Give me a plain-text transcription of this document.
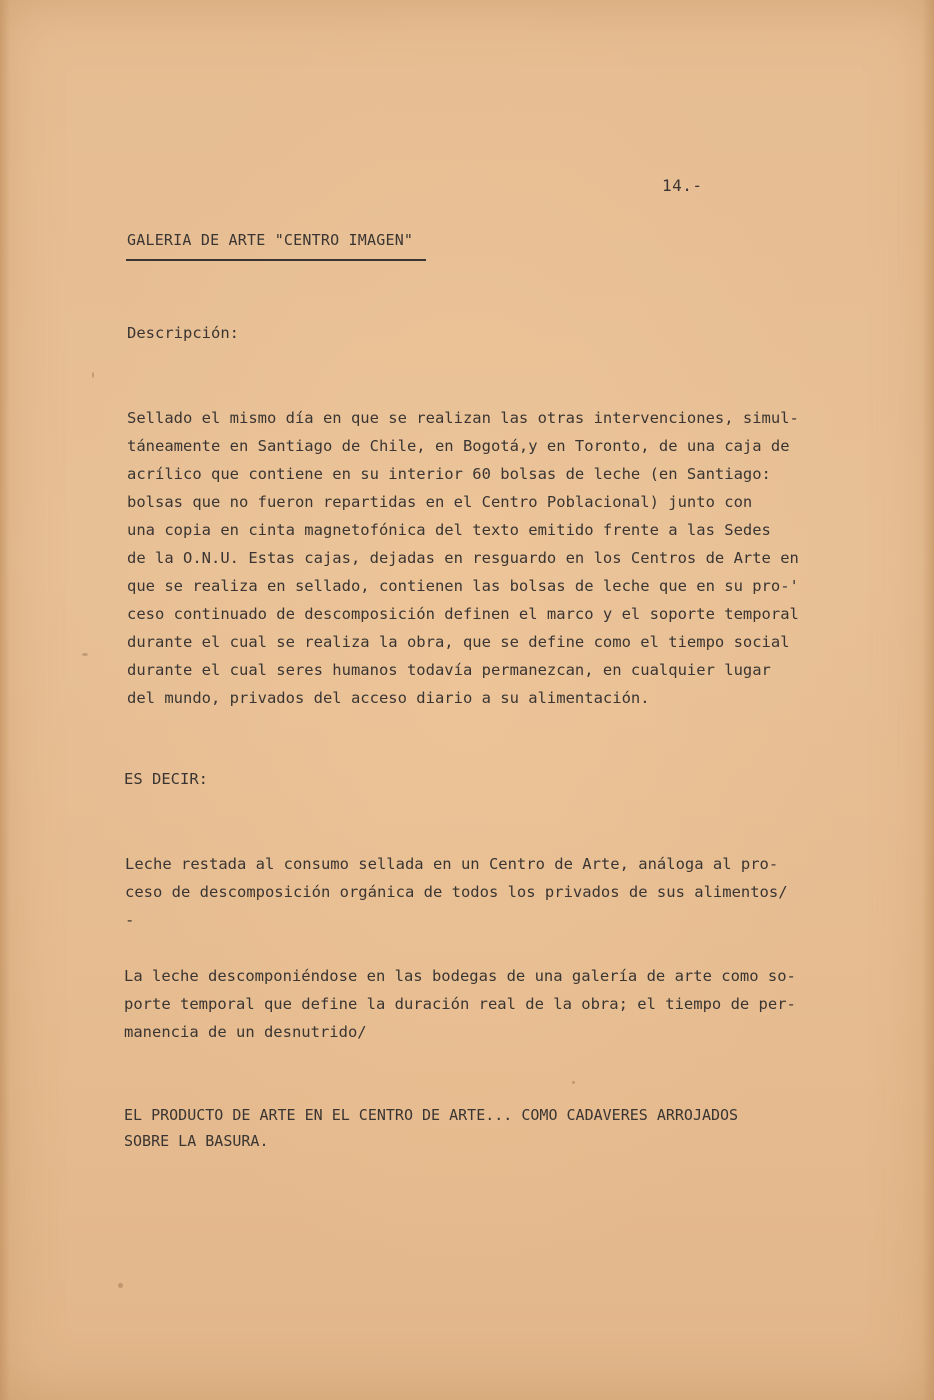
14.-
GALERIA DE ARTE "CENTRO IMAGEN"
Descripción:
Sellado el mismo día en que se realizan las otras intervenciones, simul-
táneamente en Santiago de Chile, en Bogotá,y en Toronto, de una caja de
acrílico que contiene en su interior 60 bolsas de leche (en Santiago:
bolsas que no fueron repartidas en el Centro Poblacional) junto con
una copia en cinta magnetofónica del texto emitido frente a las Sedes
de la O.N.U. Estas cajas, dejadas en resguardo en los Centros de Arte en
que se realiza en sellado, contienen las bolsas de leche que en su pro-'
ceso continuado de descomposición definen el marco y el soporte temporal
durante el cual se realiza la obra, que se define como el tiempo social
durante el cual seres humanos todavía permanezcan, en cualquier lugar
del mundo, privados del acceso diario a su alimentación.
ES DECIR:
Leche restada al consumo sellada en un Centro de Arte, análoga al pro-
ceso de descomposición orgánica de todos los privados de sus alimentos/
-
La leche descomponiéndose en las bodegas de una galería de arte como so-
porte temporal que define la duración real de la obra; el tiempo de per-
manencia de un desnutrido/
EL PRODUCTO DE ARTE EN EL CENTRO DE ARTE... COMO CADAVERES ARROJADOS
SOBRE LA BASURA.
